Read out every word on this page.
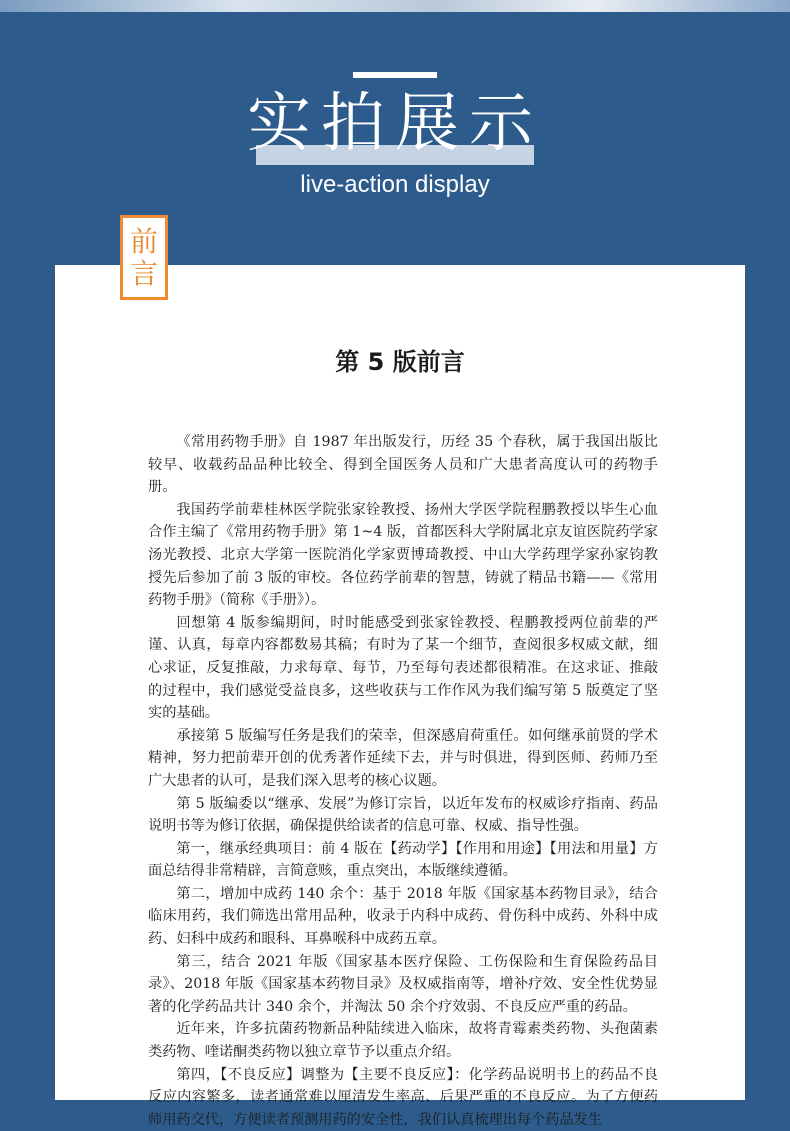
实拍展示
live-action display
前
言
第 5 版前言

《常用药物手册》自 1987 年出版发行，历经 35 个春秋，属于我国出版比较早、收载药品品种比较全、得到全国医务人员和广大患者高度认可的药物手册。

我国药学前辈桂林医学院张家铨教授、扬州大学医学院程鹏教授以毕生心血合作主编了《常用药物手册》第 1~4 版，首都医科大学附属北京友谊医院药学家汤光教授、北京大学第一医院消化学家贾博琦教授、中山大学药理学家孙家钧教授先后参加了前 3 版的审校。各位药学前辈的智慧，铸就了精品书籍——《常用药物手册》（简称《手册》）。

回想第 4 版参编期间，时时能感受到张家铨教授、程鹏教授两位前辈的严谨、认真，每章内容都数易其稿；有时为了某一个细节，查阅很多权威文献，细心求证，反复推敲，力求每章、每节，乃至每句表述都很精准。在这求证、推敲的过程中，我们感觉受益良多，这些收获与工作作风为我们编写第 5 版奠定了坚实的基础。

承接第 5 版编写任务是我们的荣幸，但深感肩荷重任。如何继承前贤的学术精神，努力把前辈开创的优秀著作延续下去，并与时俱进，得到医师、药师乃至广大患者的认可，是我们深入思考的核心议题。

第 5 版编委以“继承、发展”为修订宗旨，以近年发布的权威诊疗指南、药品说明书等为修订依据，确保提供给读者的信息可靠、权威、指导性强。

第一，继承经典项目：前 4 版在【药动学】【作用和用途】【用法和用量】方面总结得非常精辟，言简意赅，重点突出，本版继续遵循。

第二，增加中成药 140 余个：基于 2018 年版《国家基本药物目录》，结合临床用药，我们筛选出常用品种，收录于内科中成药、骨伤科中成药、外科中成药、妇科中成药和眼科、耳鼻喉科中成药五章。

第三，结合 2021 年版《国家基本医疗保险、工伤保险和生育保险药品目录》、2018 年版《国家基本药物目录》及权威指南等，增补疗效、安全性优势显著的化学药品共计 340 余个，并淘汰 50 余个疗效弱、不良反应严重的药品。

近年来，许多抗菌药物新品种陆续进入临床，故将青霉素类药物、头孢菌素类药物、喹诺酮类药物以独立章节予以重点介绍。

第四，【不良反应】调整为【主要不良反应】：化学药品说明书上的药品不良反应内容繁多，读者通常难以厘清发生率高、后果严重的不良反应。为了方便药师用药交代，方便读者预测用药的安全性，我们认真梳理出每个药品发生
